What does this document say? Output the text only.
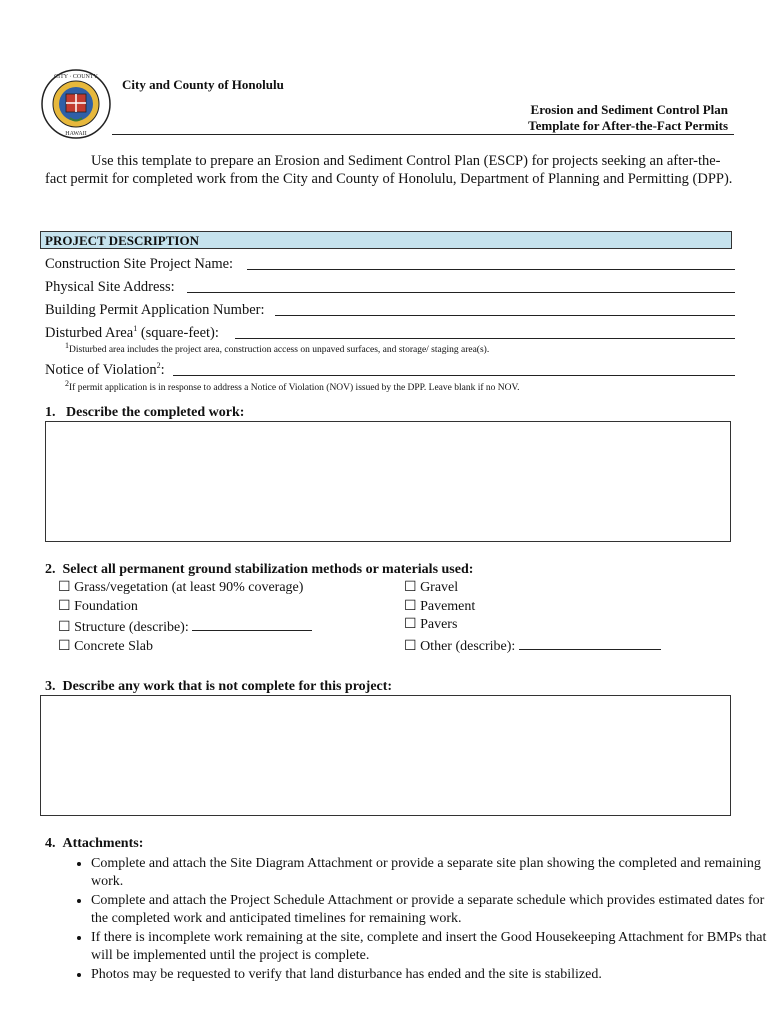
CITY · COUNTY
HAWAII
City and County of Honolulu
Erosion and Sediment Control Plan
Template for After-the-Fact Permits

Use this template to prepare an Erosion and Sediment Control Plan (ESCP) for projects seeking an after-the-fact permit for completed work from the City and County of Honolulu, Department of Planning and Permitting (DPP).

PROJECT DESCRIPTION
Construction Site Project Name:
Physical Site Address:
Building Permit Application Number:
Disturbed Area$^1$ (square-feet):
$^1$Disturbed area includes the project area, construction access on unpaved surfaces, and storage/ staging area(s).
Notice of Violation$^2$:
$^2$If permit application is in response to address a Notice of Violation (NOV) issued by the DPP. Leave blank if no NOV.
1. Describe the completed work:
2. Select all permanent ground stabilization methods or materials used:
☐ Grass/vegetation (at least 90% coverage)
☐ Foundation
☐ Structure (describe):
☐ Concrete Slab
☐ Gravel
☐ Pavement
☐ Pavers
☐ Other (describe):
3. Describe any work that is not complete for this project:
4. Attachments:
• Complete and attach the Site Diagram Attachment or provide a separate site plan showing the completed and remaining work.
• Complete and attach the Project Schedule Attachment or provide a separate schedule which provides estimated dates for the completed work and anticipated timelines for remaining work.
• If there is incomplete work remaining at the site, complete and insert the Good Housekeeping Attachment for BMPs that will be implemented until the project is complete.
• Photos may be requested to verify that land disturbance has ended and the site is stabilized.
